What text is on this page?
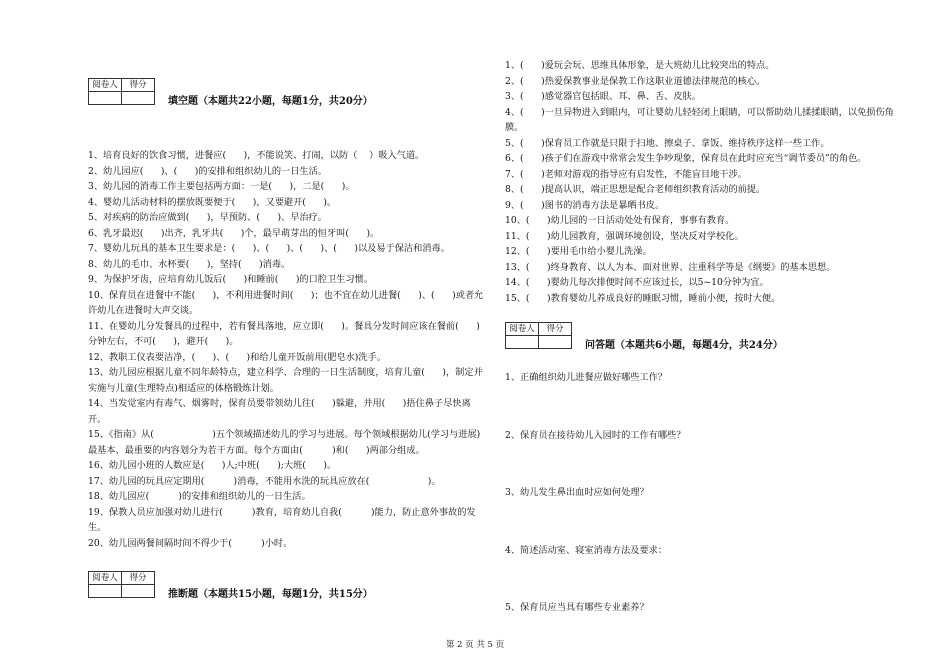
阅卷人	得分

填空题（本题共22小题，每题1分，共20分）

1、培育良好的饮食习惯，进餐应(      )，不能说笑、打闹，以防（    ）吸入气道。

2、幼儿园应(      )、(      )的安排和组织幼儿的一日生活。

3、幼儿园的消毒工作主要包括两方面：一是(      )，二是(      )。

4、婴幼儿活动材料的摆放既要便于(      )，又要避开(      )。

5、对疾病的防治应做到(      )，早预防、(      )、早治疗。

6、乳牙最迟(      )出齐，乳牙共(      )个，最早萌芽出的恒牙叫(      )。

7、婴幼儿玩具的基本卫生要求是：(      )、(      )、(      )、(      )以及易于保洁和消毒。

8、幼儿的毛巾、水杯要(      )，坚持(      )消毒。

9、为保护牙齿，应培育幼儿饭后(      )和睡前(      )的口腔卫生习惯。

10、保育员在进餐中不能(      )，不利用进餐时间(      )；也不宜在幼儿进餐(      )、(      )或者允许幼儿在进餐时大声交谈。

11、在婴幼儿分发餐具的过程中，若有餐具落地，应立即(      )。餐具分发时间应该在餐前(      )分钟左右，不可(      )，避开(      )。

12、教职工仪表要洁净，(      )、(      )和给儿童开饭前用(肥皂水)洗手。

13、幼儿园应根据儿童不同年龄特点，建立科学、合理的一日生活制度，培育儿童(      )，制定并实施与儿童(生理特点)相适应的体格锻炼计划。

14、当发觉室内有毒气、烟雾时，保育员要带领幼儿往(      )躲避，并用(      )捂住鼻子尽快离开。

15、《指南》从(                    )五个领域描述幼儿的学习与进展。每个领域根据幼儿(学习与进展)最基本、最重要的内容划分为若干方面。每个方面由(          )和(      )两部分组成。

16、幼儿园小班的人数应是(      )人;中班(      );大班(      )。

17、幼儿园的玩具应定期用(          )消毒，不能用水洗的玩具应放在(                    )。

18、幼儿园应(          )的安排和组织幼儿的一日生活。

19、保教人员应加强对幼儿进行(          )教育，培育幼儿自我(          )能力，防止意外事故的发生。

20、幼儿园两餐间隔时间不得少于(          )小时。

阅卷人	得分

推断题（本题共15小题，每题1分，共15分）

1、(      )爱玩会玩、思维具体形象，是大班幼儿比较突出的特点。

2、(      )热爱保教事业是保教工作这职业道德法律规范的核心。

3、(      )感觉器官包括眼、耳、鼻、舌、皮肤。

4、(      )一旦异物进入到眼内，可让婴幼儿轻轻闭上眼睛，可以帮助幼儿揉揉眼睛，以免损伤角膜。

5、(      )保育员工作就是只限于扫地、擦桌子、拿饭、维持秩序这样一些工作。

6、(      )孩子们在游戏中常常会发生争吵现象，保育员在此时应充当“调节委员”的角色。

7、(      )老师对游戏的指导应有启发性，不能盲目地干涉。

8、(      )提高认识，端正思想是配合老师组织教育活动的前提。

9、(      )图书的消毒方法是暴晒书皮。

10、(      )幼儿园的一日活动处处有保育，事事有教育。

11、(      )幼儿园教育，强调环境创设，坚决反对学校化。

12、(      )要用毛巾给小婴儿洗澡。

13、(      )终身教育、以人为本、面对世界、注重科学等是《纲要》的基本思想。

14、(      )婴幼儿每次排便时间不应该过长，以5~10分钟为宜。

15、(      )教育婴幼儿养成良好的睡眠习惯，睡前小便，按时大便。

阅卷人	得分

问答题（本题共6小题，每题4分，共24分）

1、正确组织幼儿进餐应做好哪些工作？

2、保育员在接待幼儿入园时的工作有哪些？

3、幼儿发生鼻出血时应如何处理？

4、简述活动室、寝室消毒方法及要求：

5、保育员应当具有哪些专业素养？

第 2 页 共 5 页
